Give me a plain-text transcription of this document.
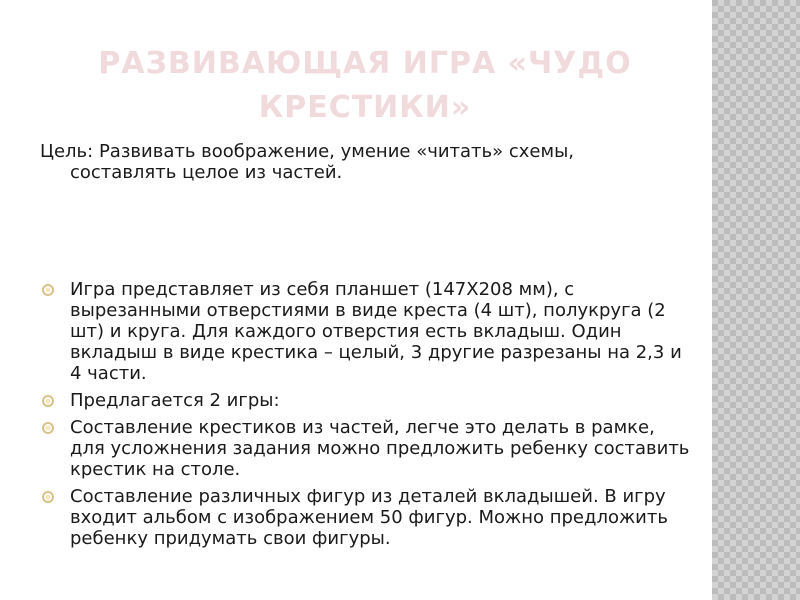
РАЗВИВАЮЩАЯ ИГРА «ЧУДО КРЕСТИКИ»
Цель: Развивать воображение, умение «читать» схемы,
составлять целое из частей.
Игра представляет из себя планшет (147Х208 мм), с вырезанными отверстиями в виде креста (4 шт), полукруга (2 шт) и круга. Для каждого отверстия есть вкладыш. Один вкладыш в виде крестика – целый, 3 другие разрезаны на 2,3 и 4 части.
Предлагается 2 игры:
Составление крестиков из частей, легче это делать в рамке, для усложнения задания можно предложить ребенку составить крестик на столе.
Составление различных фигур из деталей вкладышей. В игру входит альбом с изображением 50 фигур. Можно предложить ребенку придумать свои фигуры.
